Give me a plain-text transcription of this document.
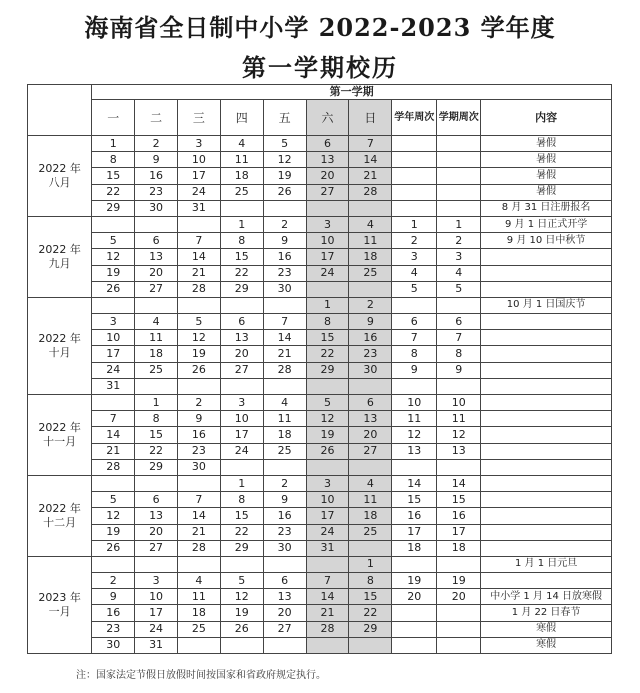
海南省全日制中小学 2022-2023 学年度
第一学期校历
	第一学期									
	一	二	三	四	五	六	日	学年周次	学期周次	内容
2022 年
八月	1	2	3	4	5	6	7			暑假
	8	9	10	11	12	13	14			暑假
	15	16	17	18	19	20	21			暑假
	22	23	24	25	26	27	28			暑假
	29	30	31							8 月 31 日注册报名
2022 年
九月				1	2	3	4	1	1	9 月 1 日正式开学
	5	6	7	8	9	10	11	2	2	9 月 10 日中秋节
	12	13	14	15	16	17	18	3	3	
	19	20	21	22	23	24	25	4	4	
	26	27	28	29	30			5	5	
2022 年
十月						1	2			10 月 1 日国庆节
	3	4	5	6	7	8	9	6	6	
	10	11	12	13	14	15	16	7	7	
	17	18	19	20	21	22	23	8	8	
	24	25	26	27	28	29	30	9	9	
	31									
2022 年
十一月		1	2	3	4	5	6	10	10	
	7	8	9	10	11	12	13	11	11	
	14	15	16	17	18	19	20	12	12	
	21	22	23	24	25	26	27	13	13	
	28	29	30							
2022 年
十二月				1	2	3	4	14	14	
	5	6	7	8	9	10	11	15	15	
	12	13	14	15	16	17	18	16	16	
	19	20	21	22	23	24	25	17	17	
	26	27	28	29	30	31		18	18	
2023 年
一月							1			1 月 1 日元旦
	2	3	4	5	6	7	8	19	19	
	9	10	11	12	13	14	15	20	20	中小学 1 月 14 日放寒假
	16	17	18	19	20	21	22			1 月 22 日春节
	23	24	25	26	27	28	29			寒假
	30	31								寒假
注：国家法定节假日放假时间按国家和省政府规定执行。
